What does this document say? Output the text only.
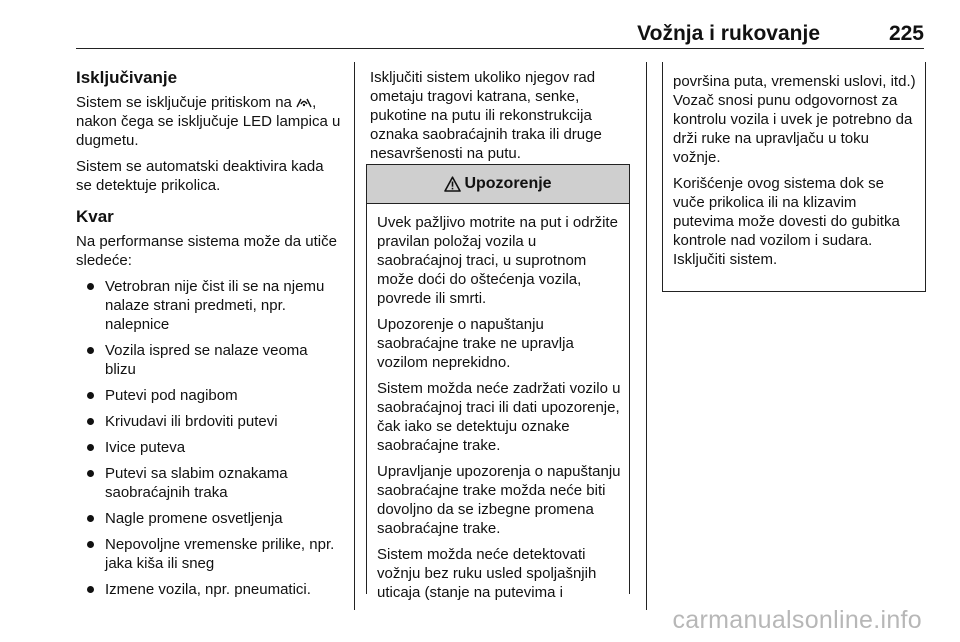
Vožnja i rukovanje	225
Isključivanje

Sistem se isključuje pritiskom na , nakon čega se isključuje LED lampica u dugmetu.

Sistem se automatski deaktivira kada se detektuje prikolica.

Kvar

Na performanse sistema može da utiče sledeće:

Vetrobran nije čist ili se na njemu nalaze strani predmeti, npr. nalepnice
Vozila ispred se nalaze veoma blizu
Putevi pod nagibom
Krivudavi ili brdoviti putevi
Ivice puteva
Putevi sa slabim oznakama saobraćajnih traka
Nagle promene osvetljenja
Nepovoljne vremenske prilike, npr. jaka kiša ili sneg
Izmene vozila, npr. pneumatici.

Isključiti sistem ukoliko njegov rad ometaju tragovi katrana, senke, pukotine na putu ili rekonstrukcija oznaka saobraćajnih traka ili druge nesavršenosti na putu.

Upozorenje

Uvek pažljivo motrite na put i održite pravilan položaj vozila u saobraćajnoj traci, u suprotnom može doći do oštećenja vozila, povrede ili smrti.

Upozorenje o napuštanju saobraćajne trake ne upravlja vozilom neprekidno.

Sistem možda neće zadržati vozilo u saobraćajnoj traci ili dati upozorenje, čak iako se detektuju oznake saobraćajne trake.

Upravljanje upozorenja o napuštanju saobraćajne trake možda neće biti dovoljno da se izbegne promena saobraćajne trake.

Sistem možda neće detektovati vožnju bez ruku usled spoljašnjih uticaja (stanje na putevima i

površina puta, vremenski uslovi, itd.) Vozač snosi punu odgovornost za kontrolu vozila i uvek je potrebno da drži ruke na upravljaču u toku vožnje.

Korišćenje ovog sistema dok se vuče prikolica ili na klizavim putevima može dovesti do gubitka kontrole nad vozilom i sudara. Isključiti sistem.

carmanualsonline.info
